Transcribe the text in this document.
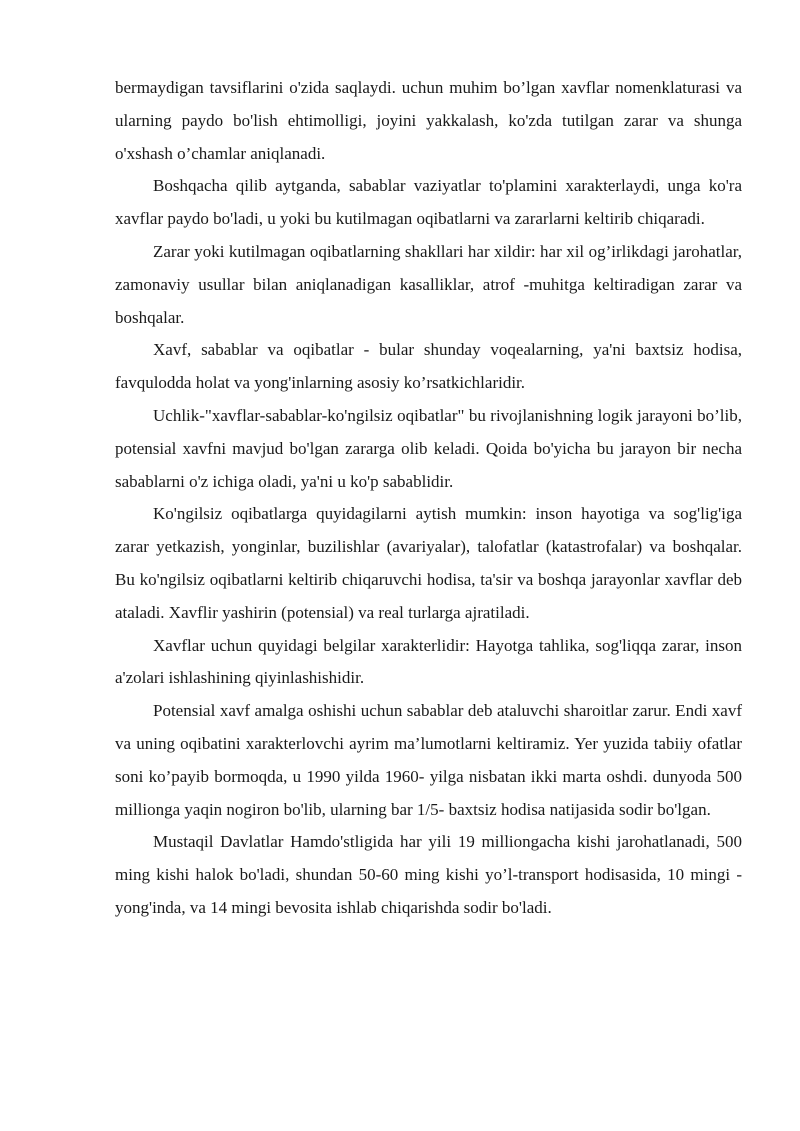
bermaydigan tavsiflarini o'zida saqlaydi. uchun muhim bo’lgan xavflar nomenklaturasi va ularning paydo bo'lish ehtimolligi, joyini yakkalash, ko'zda tutilgan zarar va shunga o'xshash o’chamlar aniqlanadi.

Boshqacha qilib aytganda, sabablar vaziyatlar to'plamini xarakterlaydi, unga ko'ra xavflar paydo bo'ladi, u yoki bu kutilmagan oqibatlarni va zararlarni keltirib chiqaradi.

Zarar yoki kutilmagan oqibatlarning shakllari har xildir: har xil og’irlikdagi jarohatlar, zamonaviy usullar bilan aniqlanadigan kasalliklar, atrof -muhitga keltiradigan zarar va boshqalar.

Xavf, sabablar va oqibatlar - bular shunday voqealarning, ya'ni baxtsiz hodisa, favqulodda holat va yong'inlarning asosiy ko’rsatkichlaridir.

Uchlik-"xavflar-sabablar-ko'ngilsiz oqibatlar" bu rivojlanishning logik jarayoni bo’lib, potensial xavfni mavjud bo'lgan zararga olib keladi. Qoida bo'yicha bu jarayon bir necha sabablarni o'z ichiga oladi, ya'ni u ko'p sabablidir.

Ko'ngilsiz oqibatlarga quyidagilarni aytish mumkin: inson hayotiga va sog'lig'iga zarar yetkazish, yonginlar, buzilishlar (avariyalar), talofatlar (katastrofalar) va boshqalar. Bu ko'ngilsiz oqibatlarni keltirib chiqaruvchi hodisa, ta'sir va boshqa jarayonlar xavflar deb ataladi. Xavflir yashirin (potensial) va real turlarga ajratiladi.

Xavflar uchun quyidagi belgilar xarakterlidir: Hayotga tahlika, sog'liqqa zarar, inson a'zolari ishlashining qiyinlashishidir.

Potensial xavf amalga oshishi uchun sabablar deb ataluvchi sharoitlar zarur. Endi xavf va uning oqibatini xarakterlovchi ayrim ma’lumotlarni keltiramiz. Yer yuzida tabiiy ofatlar soni ko’payib bormoqda, u 1990 yilda 1960- yilga nisbatan ikki marta oshdi. dunyoda 500 millionga yaqin nogiron bo'lib, ularning bar 1/5- baxtsiz hodisa natijasida sodir bo'lgan.

Mustaqil Davlatlar Hamdo'stligida har yili 19 milliongacha kishi jarohatlanadi, 500 ming kishi halok bo'ladi, shundan 50-60 ming kishi yo’l-transport hodisasida, 10 mingi - yong'inda, va 14 mingi bevosita ishlab chiqarishda sodir bo'ladi.
